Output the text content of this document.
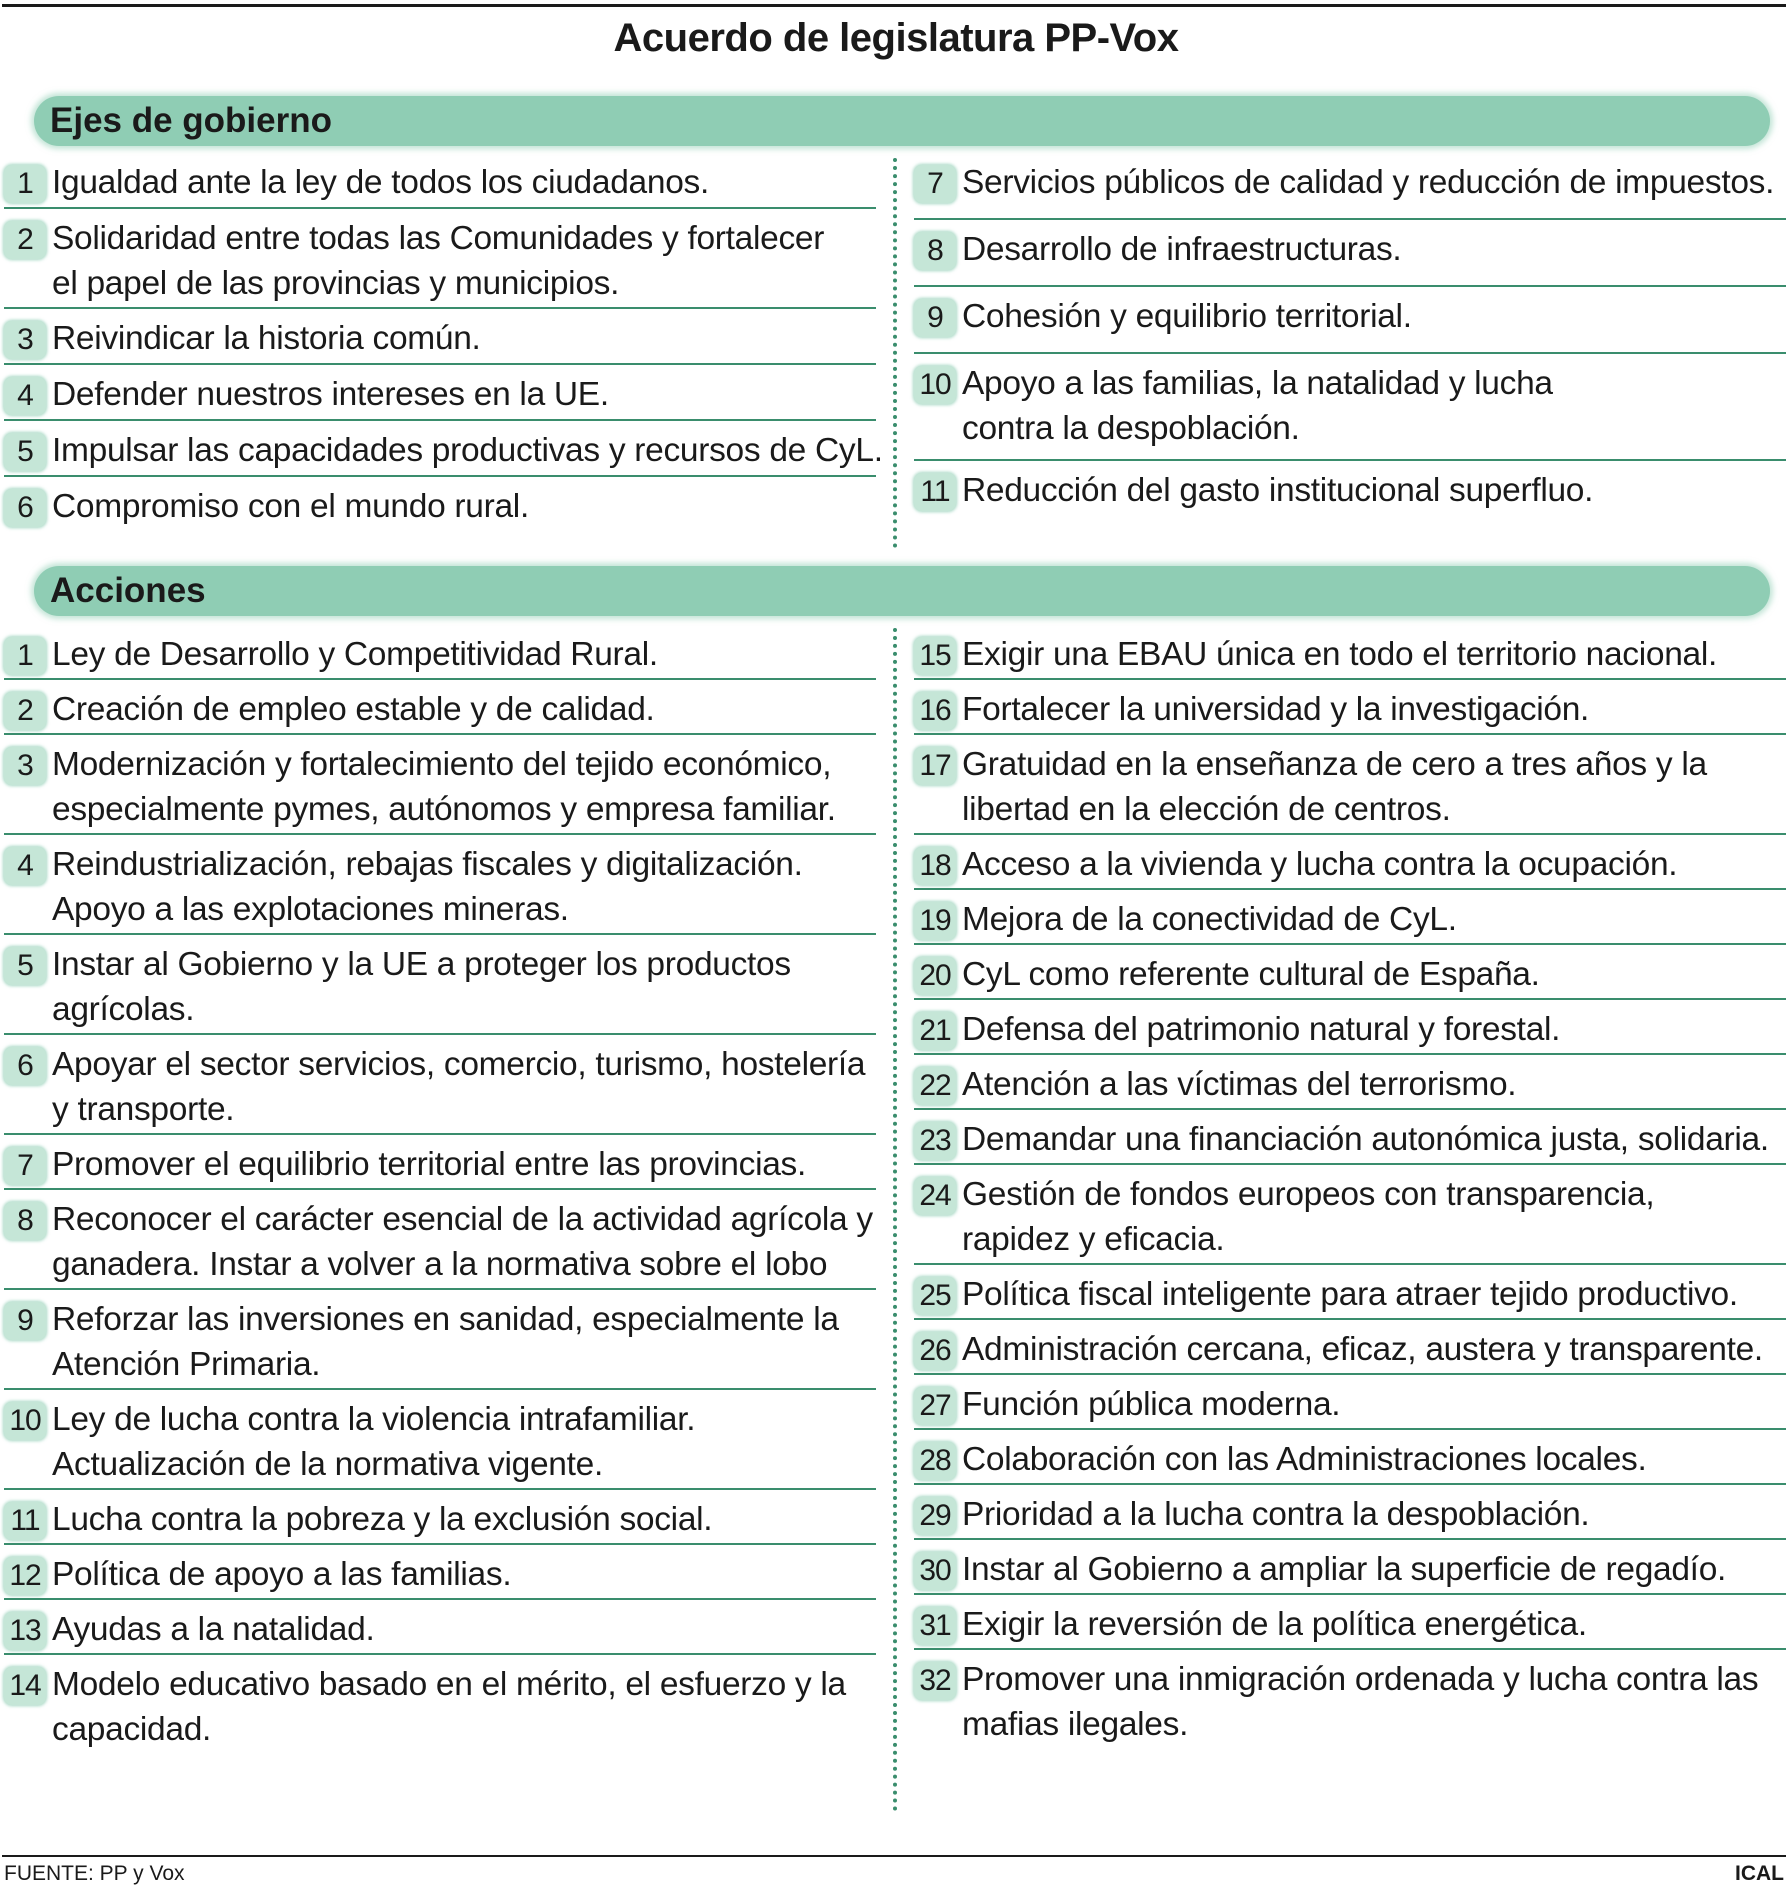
Acuerdo de legislatura PP-Vox
Ejes de gobierno
Acciones
1 Igualdad ante la ley de todos los ciudadanos.
2 Solidaridad entre todas las Comunidades y fortalecer
el papel de las provincias y municipios.
3 Reivindicar la historia común.
4 Defender nuestros intereses en la UE.
5 Impulsar las capacidades productivas y recursos de CyL.
6 Compromiso con el mundo rural.
7 Servicios públicos de calidad y reducción de impuestos.
8 Desarrollo de infraestructuras.
9 Cohesión y equilibrio territorial.
10 Apoyo a las familias, la natalidad y lucha
contra la despoblación.
11 Reducción del gasto institucional superfluo.
1 Ley de Desarrollo y Competitividad Rural.
2 Creación de empleo estable y de calidad.
3 Modernización y fortalecimiento del tejido económico,
especialmente pymes, autónomos y empresa familiar.
4 Reindustrialización, rebajas fiscales y digitalización.
Apoyo a las explotaciones mineras.
5 Instar al Gobierno y la UE a proteger los productos
agrícolas.
6 Apoyar el sector servicios, comercio, turismo, hostelería
y transporte.
7 Promover el equilibrio territorial entre las provincias.
8 Reconocer el carácter esencial de la actividad agrícola y
ganadera. Instar a volver a la normativa sobre el lobo
9 Reforzar las inversiones en sanidad, especialmente la
Atención Primaria.
10 Ley de lucha contra la violencia intrafamiliar.
Actualización de la normativa vigente.
11 Lucha contra la pobreza y la exclusión social.
12 Política de apoyo a las familias.
13 Ayudas a la natalidad.
14 Modelo educativo basado en el mérito, el esfuerzo y la
capacidad.
15 Exigir una EBAU única en todo el territorio nacional.
16 Fortalecer la universidad y la investigación.
17 Gratuidad en la enseñanza de cero a tres años y la
libertad en la elección de centros.
18 Acceso a la vivienda y lucha contra la ocupación.
19 Mejora de la conectividad de CyL.
20 CyL como referente cultural de España.
21 Defensa del patrimonio natural y forestal.
22 Atención a las víctimas del terrorismo.
23 Demandar una financiación autonómica justa, solidaria.
24 Gestión de fondos europeos con transparencia,
rapidez y eficacia.
25 Política fiscal inteligente para atraer tejido productivo.
26 Administración cercana, eficaz, austera y transparente.
27 Función pública moderna.
28 Colaboración con las Administraciones locales.
29 Prioridad a la lucha contra la despoblación.
30 Instar al Gobierno a ampliar la superficie de regadío.
31 Exigir la reversión de la política energética.
32 Promover una inmigración ordenada y lucha contra las
mafias ilegales.
FUENTE: PP y Vox	ICAL
